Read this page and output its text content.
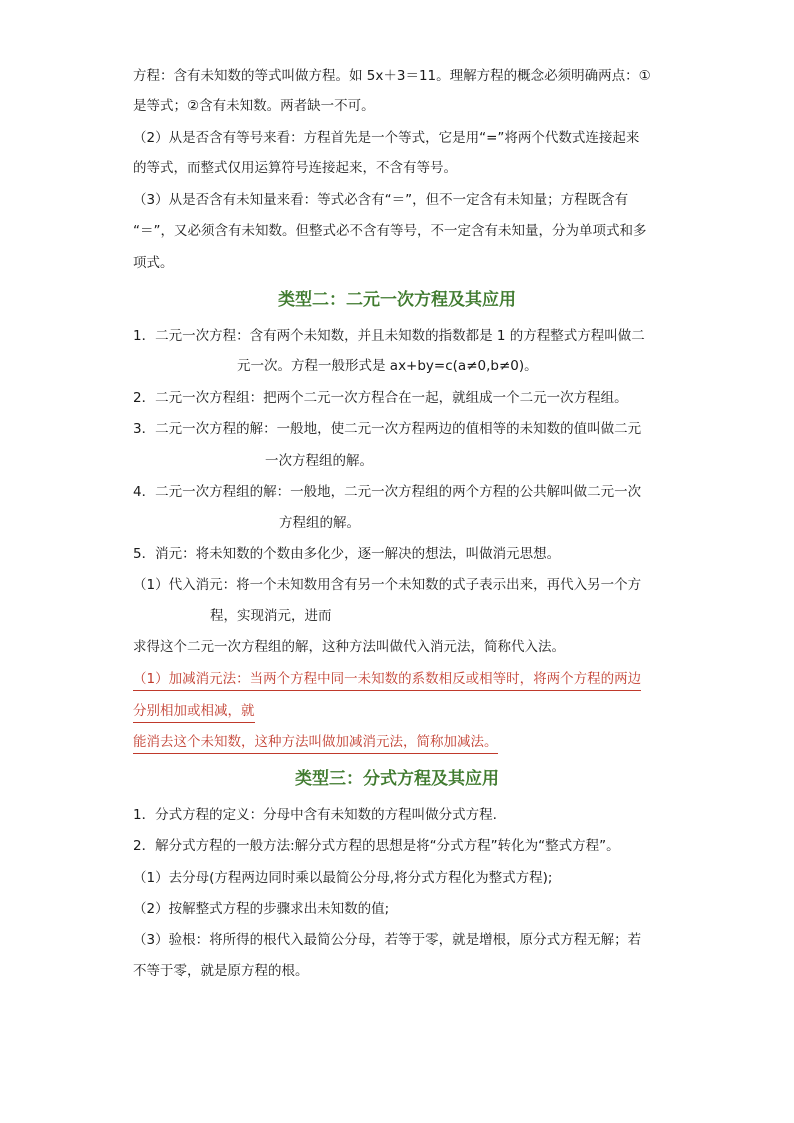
方程：含有未知数的等式叫做方程。如 5x＋3＝11。理解方程的概念必须明确两点：①
是等式；②含有未知数。两者缺一不可。
（2）从是否含有等号来看：方程首先是一个等式，它是用“=”将两个代数式连接起来
的等式，而整式仅用运算符号连接起来，不含有等号。
（3）从是否含有未知量来看：等式必含有“＝”，但不一定含有未知量；方程既含有
“＝”，又必须含有未知数。但整式必不含有等号，不一定含有未知量，分为单项式和多
项式。
类型二：二元一次方程及其应用
1．二元一次方程：含有两个未知数，并且未知数的指数都是 1 的方程整式方程叫做二
元一次。方程一般形式是 ax+by=c(a≠0,b≠0)。
2．二元一次方程组：把两个二元一次方程合在一起，就组成一个二元一次方程组。
3．二元一次方程的解：一般地，使二元一次方程两边的值相等的未知数的值叫做二元
一次方程组的解。
4．二元一次方程组的解：一般地，二元一次方程组的两个方程的公共解叫做二元一次
方程组的解。
5．消元：将未知数的个数由多化少，逐一解决的想法，叫做消元思想。
（1）代入消元：将一个未知数用含有另一个未知数的式子表示出来，再代入另一个方
程，实现消元，进而
求得这个二元一次方程组的解，这种方法叫做代入消元法，简称代入法。
（1）加减消元法：当两个方程中同一未知数的系数相反或相等时，将两个方程的两边
分别相加或相减，就
能消去这个未知数，这种方法叫做加减消元法，简称加减法。
类型三：分式方程及其应用
1．分式方程的定义：分母中含有未知数的方程叫做分式方程.
2．解分式方程的一般方法:解分式方程的思想是将“分式方程”转化为“整式方程”。
（1）去分母(方程两边同时乘以最简公分母,将分式方程化为整式方程);
（2）按解整式方程的步骤求出未知数的值;
（3）验根：将所得的根代入最简公分母，若等于零，就是增根，原分式方程无解；若
不等于零，就是原方程的根。
